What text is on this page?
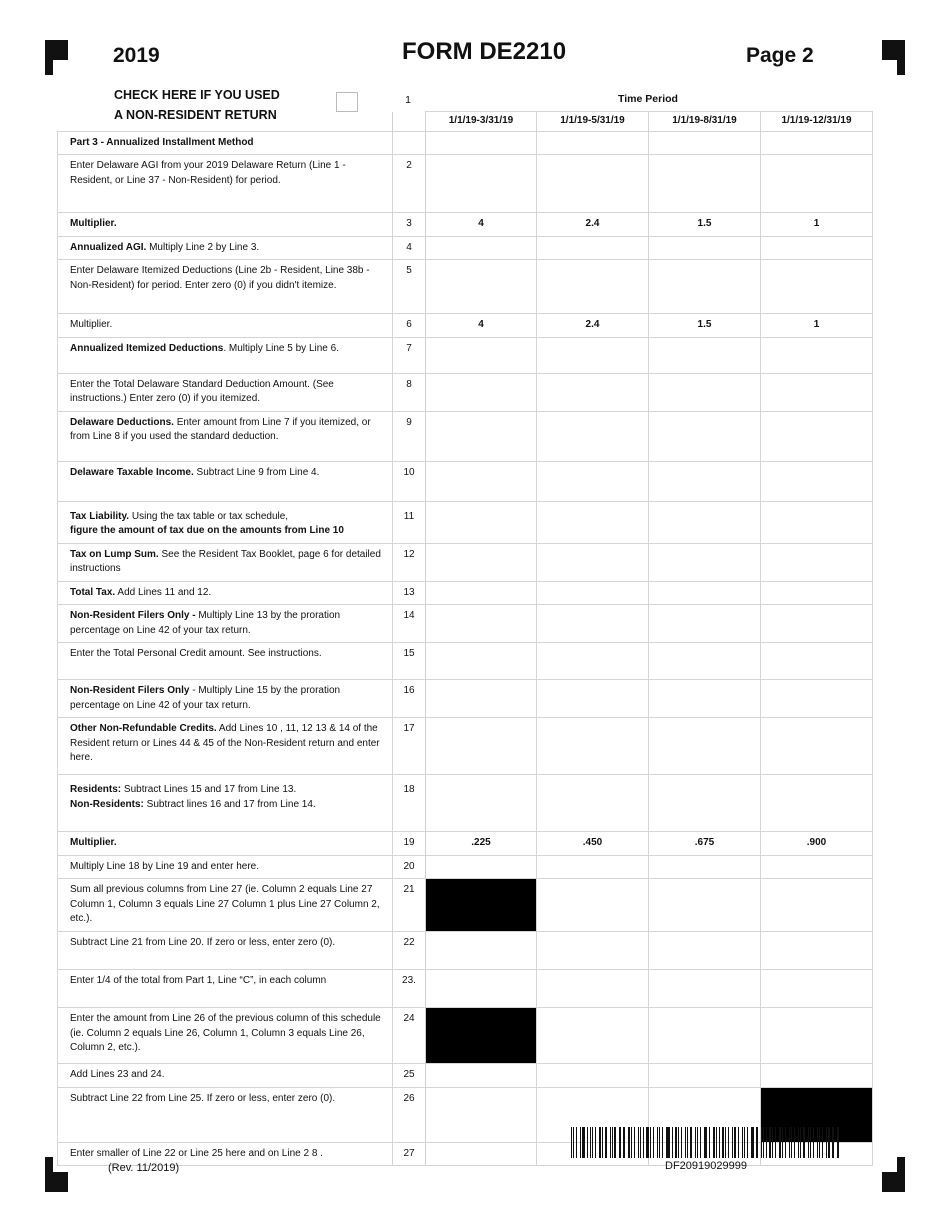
2019	FORM DE2210	Page 2
CHECK HERE IF YOU USED
A NON-RESIDENT RETURN
1	Time Period
		1/1/19-3/31/19	1/1/19-5/31/19	1/1/19-8/31/19	1/1/19-12/31/19
Part 3 - Annualized Installment Method					
Enter Delaware AGI from your 2019 Delaware Return (Line 1 - Resident, or Line 37 - Non-Resident) for period.	2				
Multiplier.	3	4	2.4	1.5	1
Annualized AGI. Multiply Line 2 by Line 3.	4				
Enter Delaware Itemized Deductions (Line 2b - Resident, Line 38b - Non-Resident) for period. Enter zero (0) if you didn't itemize.	5				
Multiplier.	6	4	2.4	1.5	1
Annualized Itemized Deductions. Multiply Line 5 by Line 6.	7				
Enter the Total Delaware Standard Deduction Amount. (See instructions.) Enter zero (0) if you itemized.	8				
Delaware Deductions. Enter amount from Line 7 if you itemized, or from Line 8 if you used the standard deduction.	9				
Delaware Taxable Income. Subtract Line 9 from Line 4.	10				
Tax Liability. Using the tax table or tax schedule,
figure the amount of tax due on the amounts from Line 10	11				
Tax on Lump Sum. See the Resident Tax Booklet, page 6 for detailed instructions	12				
Total Tax. Add Lines 11 and 12.	13				
Non-Resident Filers Only - Multiply Line 13 by the proration percentage on Line 42 of your tax return.	14				
Enter the Total Personal Credit amount. See instructions.	15				
Non-Resident Filers Only - Multiply Line 15 by the proration percentage on Line 42 of your tax return.	16				
Other Non-Refundable Credits. Add Lines 10 , 11, 12 13 & 14 of the Resident return or Lines 44 & 45 of the Non-Resident return and enter here.	17				
Residents: Subtract Lines 15 and 17 from Line 13.
Non-Residents: Subtract lines 16 and 17 from Line 14.	18				
Multiplier.	19	.225	.450	.675	.900
Multiply Line 18 by Line 19 and enter here.	20				
Sum all previous columns from Line 27 (ie. Column 2 equals Line 27 Column 1, Column 3 equals Line 27 Column 1 plus Line 27 Column 2, etc.).	21				
Subtract Line 21 from Line 20. If zero or less, enter zero (0).	22				
Enter 1/4 of the total from Part 1, Line “C”, in each column	23.				
Enter the amount from Line 26 of the previous column of this schedule (ie. Column 2 equals Line 26, Column 1, Column 3 equals Line 26, Column 2, etc.).	24				
Add Lines 23 and 24.	25				
Subtract Line 22 from Line 25. If zero or less, enter zero (0).	26				
Enter smaller of Line 22 or Line 25 here and on Line 2 8 .	27				
(Rev. 11/2019)	DF20919029999
